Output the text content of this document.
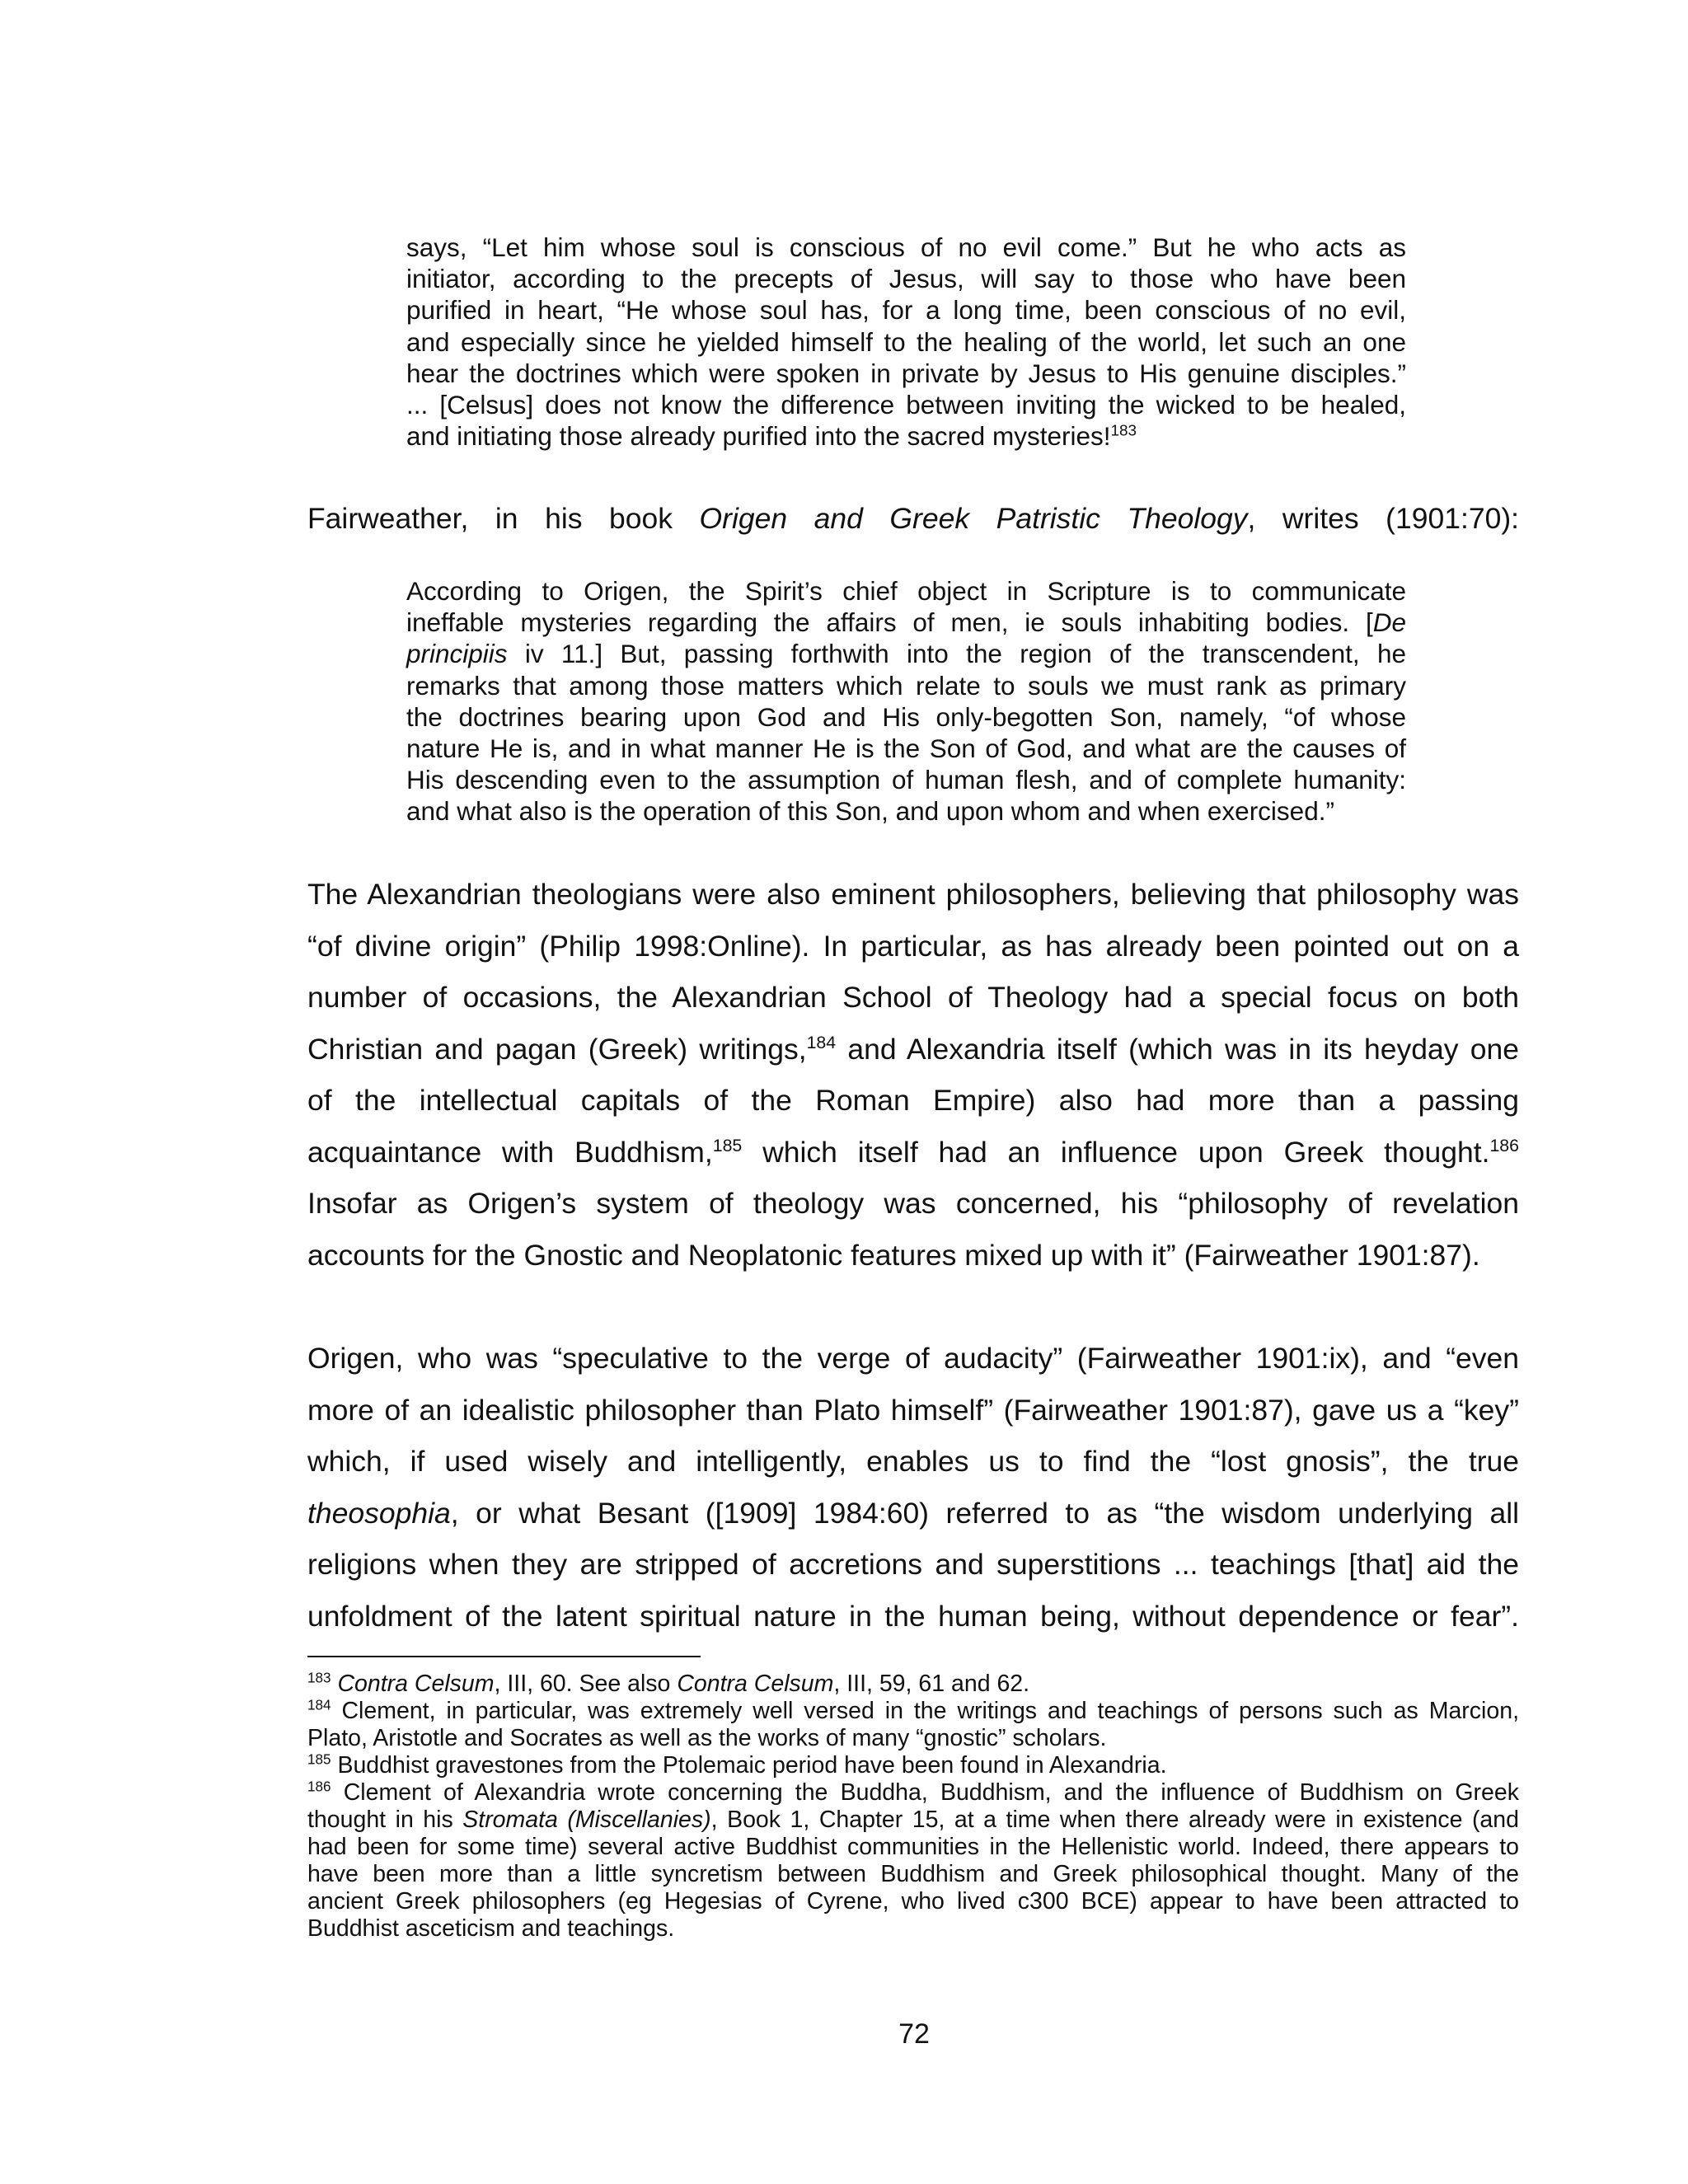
says, “Let him whose soul is conscious of no evil come.” But he who acts as
initiator, according to the precepts of Jesus, will say to those who have been
purified in heart, “He whose soul has, for a long time, been conscious of no evil,
and especially since he yielded himself to the healing of the world, let such an one
hear the doctrines which were spoken in private by Jesus to His genuine disciples.”
... [Celsus] does not know the difference between inviting the wicked to be healed,
and initiating those already purified into the sacred mysteries!$^{183}$
Fairweather, in his book Origen and Greek Patristic Theology, writes (1901:70):
According to Origen, the Spirit’s chief object in Scripture is to communicate
ineffable mysteries regarding the affairs of men, ie souls inhabiting bodies. [De
principiis iv 11.] But, passing forthwith into the region of the transcendent, he
remarks that among those matters which relate to souls we must rank as primary
the doctrines bearing upon God and His only-begotten Son, namely, “of whose
nature He is, and in what manner He is the Son of God, and what are the causes of
His descending even to the assumption of human flesh, and of complete humanity:
and what also is the operation of this Son, and upon whom and when exercised.”
The Alexandrian theologians were also eminent philosophers, believing that philosophy was
“of divine origin” (Philip 1998:Online). In particular, as has already been pointed out on a
number of occasions, the Alexandrian School of Theology had a special focus on both
Christian and pagan (Greek) writings,$^{184}$ and Alexandria itself (which was in its heyday one
of the intellectual capitals of the Roman Empire) also had more than a passing
acquaintance with Buddhism,$^{185}$ which itself had an influence upon Greek thought.$^{186}$
Insofar as Origen’s system of theology was concerned, his “philosophy of revelation
accounts for the Gnostic and Neoplatonic features mixed up with it” (Fairweather 1901:87).
Origen, who was “speculative to the verge of audacity” (Fairweather 1901:ix), and “even
more of an idealistic philosopher than Plato himself” (Fairweather 1901:87), gave us a “key”
which, if used wisely and intelligently, enables us to find the “lost gnosis”, the true
theosophia, or what Besant ([1909] 1984:60) referred to as “the wisdom underlying all
religions when they are stripped of accretions and superstitions ... teachings [that] aid the
unfoldment of the latent spiritual nature in the human being, without dependence or fear”.
$^{183}$ Contra Celsum, III, 60. See also Contra Celsum, III, 59, 61 and 62.
$^{184}$ Clement, in particular, was extremely well versed in the writings and teachings of persons such as Marcion,
Plato, Aristotle and Socrates as well as the works of many “gnostic” scholars.
$^{185}$ Buddhist gravestones from the Ptolemaic period have been found in Alexandria.
$^{186}$ Clement of Alexandria wrote concerning the Buddha, Buddhism, and the influence of Buddhism on Greek
thought in his Stromata (Miscellanies), Book 1, Chapter 15, at a time when there already were in existence (and
had been for some time) several active Buddhist communities in the Hellenistic world. Indeed, there appears to
have been more than a little syncretism between Buddhism and Greek philosophical thought. Many of the
ancient Greek philosophers (eg Hegesias of Cyrene, who lived c300 BCE) appear to have been attracted to
Buddhist asceticism and teachings.
72
